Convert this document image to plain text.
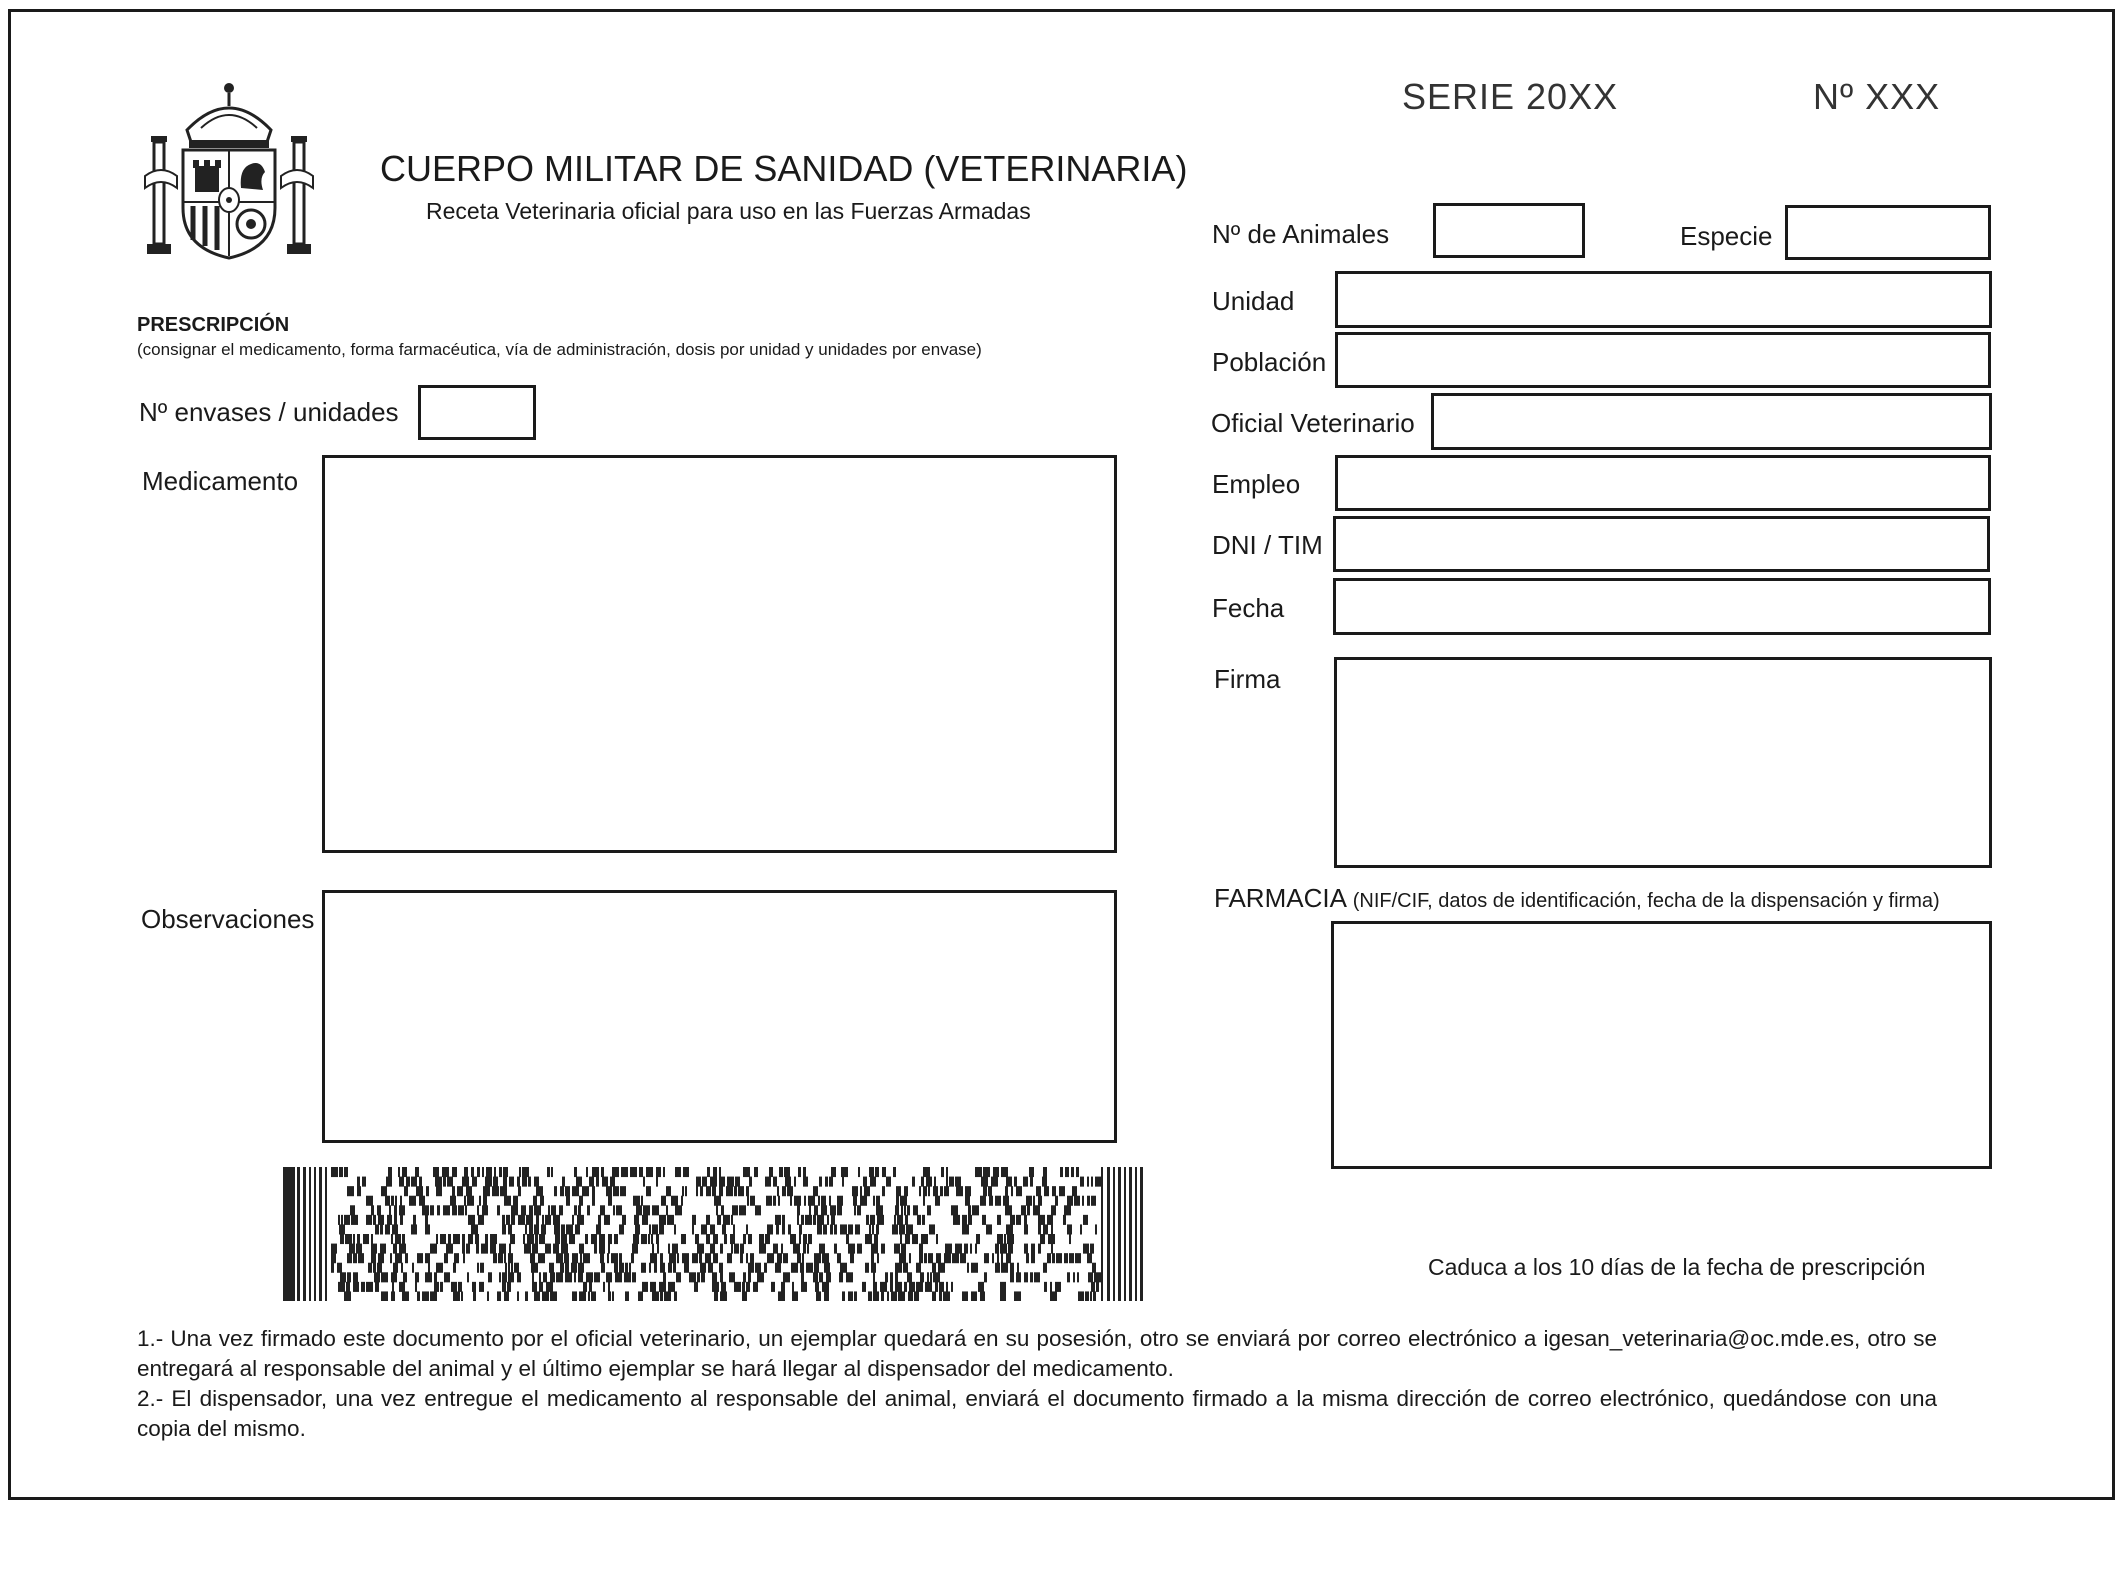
CUERPO MILITAR DE SANIDAD (VETERINARIA)
Receta Veterinaria oficial para uso en las Fuerzas Armadas
SERIE 20XX	Nº XXX
PRESCRIPCIÓN
(consignar el medicamento, forma farmacéutica, vía de administración, dosis por unidad y unidades por envase)
Nº envases / unidades
Medicamento
Observaciones
Nº de Animales	Especie
Unidad
Población
Oficial Veterinario
Empleo
DNI / TIM
Fecha
Firma
FARMACIA (NIF/CIF, datos de identificación, fecha de la dispensación y firma)
Caduca a los 10 días de la fecha de prescripción

1.- Una vez firmado este documento por el oficial veterinario, un ejemplar quedará en su posesión, otro se enviará por correo electrónico a igesan_veterinaria@oc.mde.es, otro se entregará al responsable del animal y el último ejemplar se hará llegar al dispensador del medicamento.

2.- El dispensador, una vez entregue el medicamento al responsable del animal, enviará el documento firmado a la misma dirección de correo electrónico, quedándose con una copia del mismo.
